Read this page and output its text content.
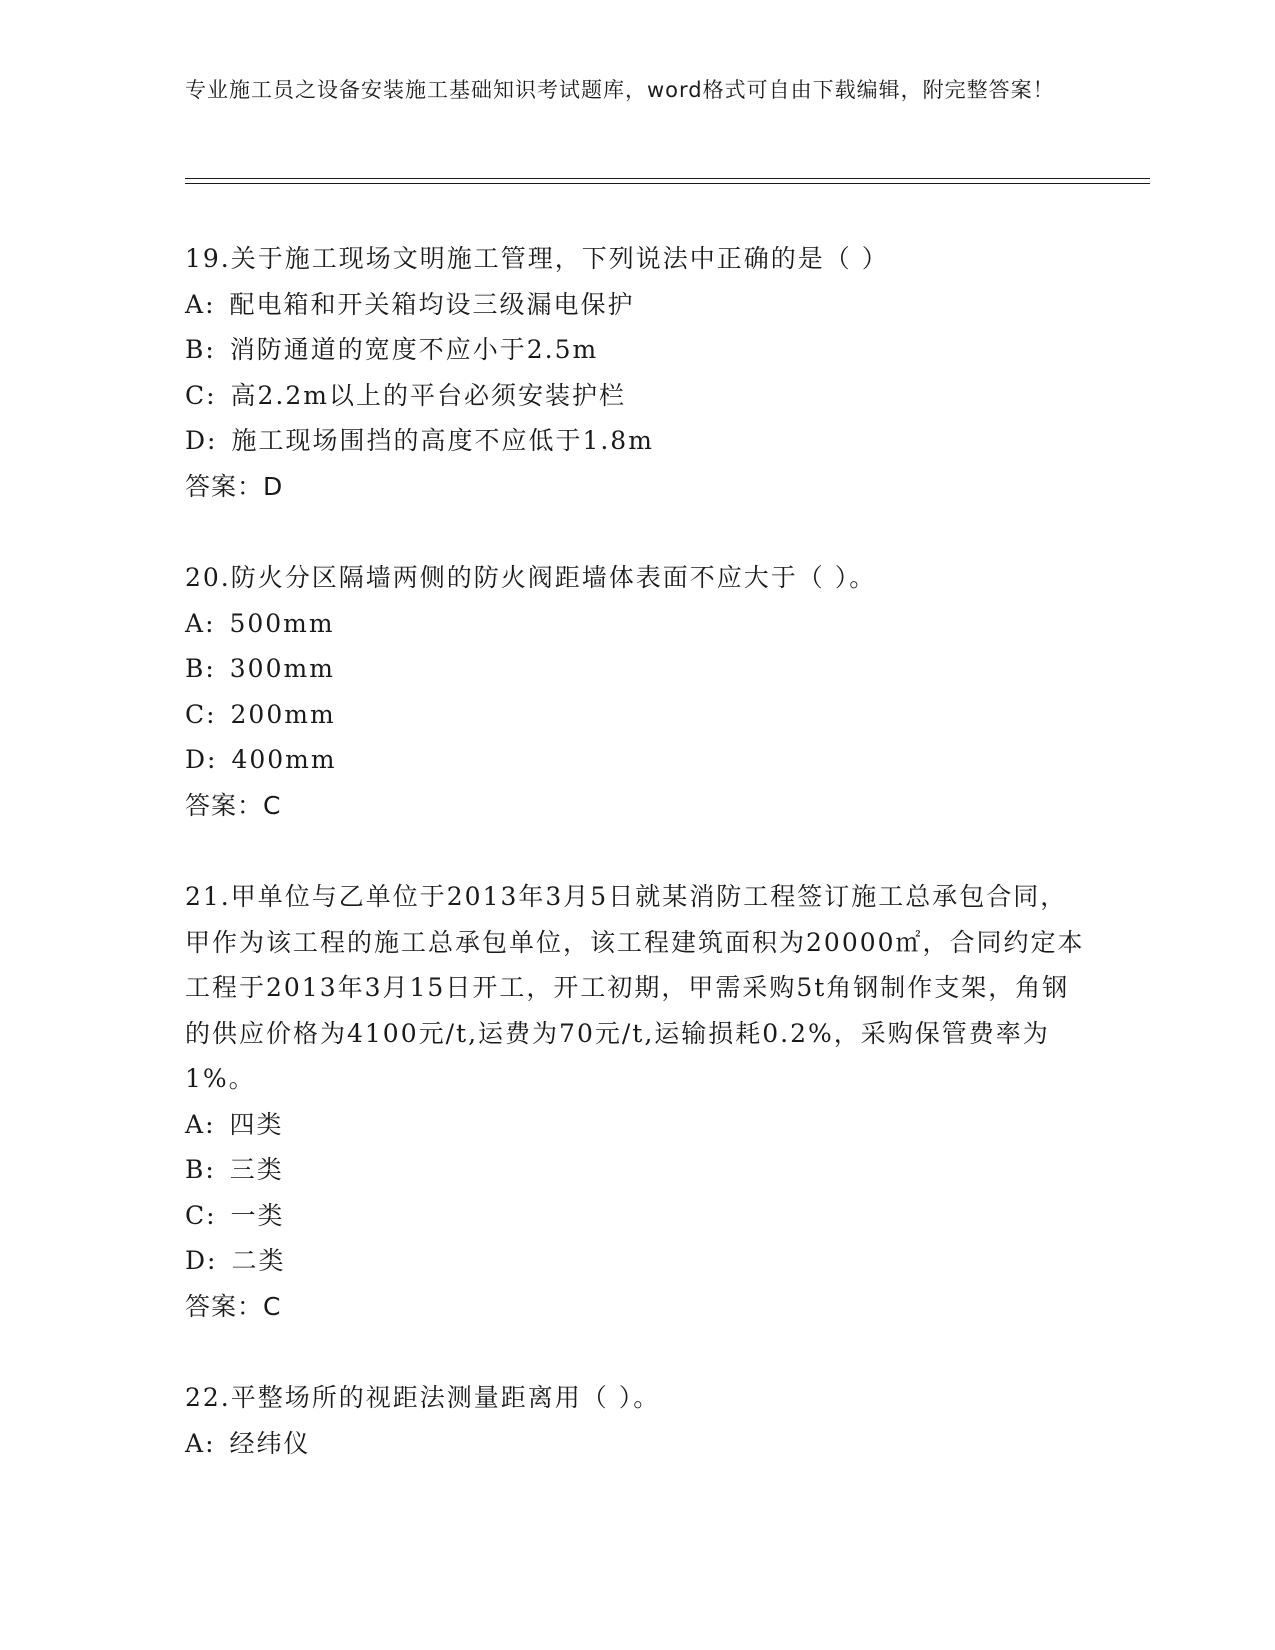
专业施工员之设备安装施工基础知识考试题库，word格式可自由下载编辑，附完整答案！
19.关于施工现场文明施工管理，下列说法中正确的是（ ）
A: 配电箱和开关箱均设三级漏电保护
B: 消防通道的宽度不应小于2.5m
C: 高2.2m以上的平台必须安装护栏
D: 施工现场围挡的高度不应低于1.8m
答案：D
20.防火分区隔墙两侧的防火阀距墙体表面不应大于（ ）。
A: 500mm
B: 300mm
C: 200mm
D: 400mm
答案：C
21.甲单位与乙单位于2013年3月5日就某消防工程签订施工总承包合同，甲作为该工程的施工总承包单位，该工程建筑面积为20000㎡，合同约定本工程于2013年3月15日开工，开工初期，甲需采购5t角钢制作支架，角钢的供应价格为4100元/t,运费为70元/t,运输损耗0.2%，采购保管费率为1%。
A: 四类
B: 三类
C: 一类
D: 二类
答案：C
22.平整场所的视距法测量距离用（ ）。
A: 经纬仪
